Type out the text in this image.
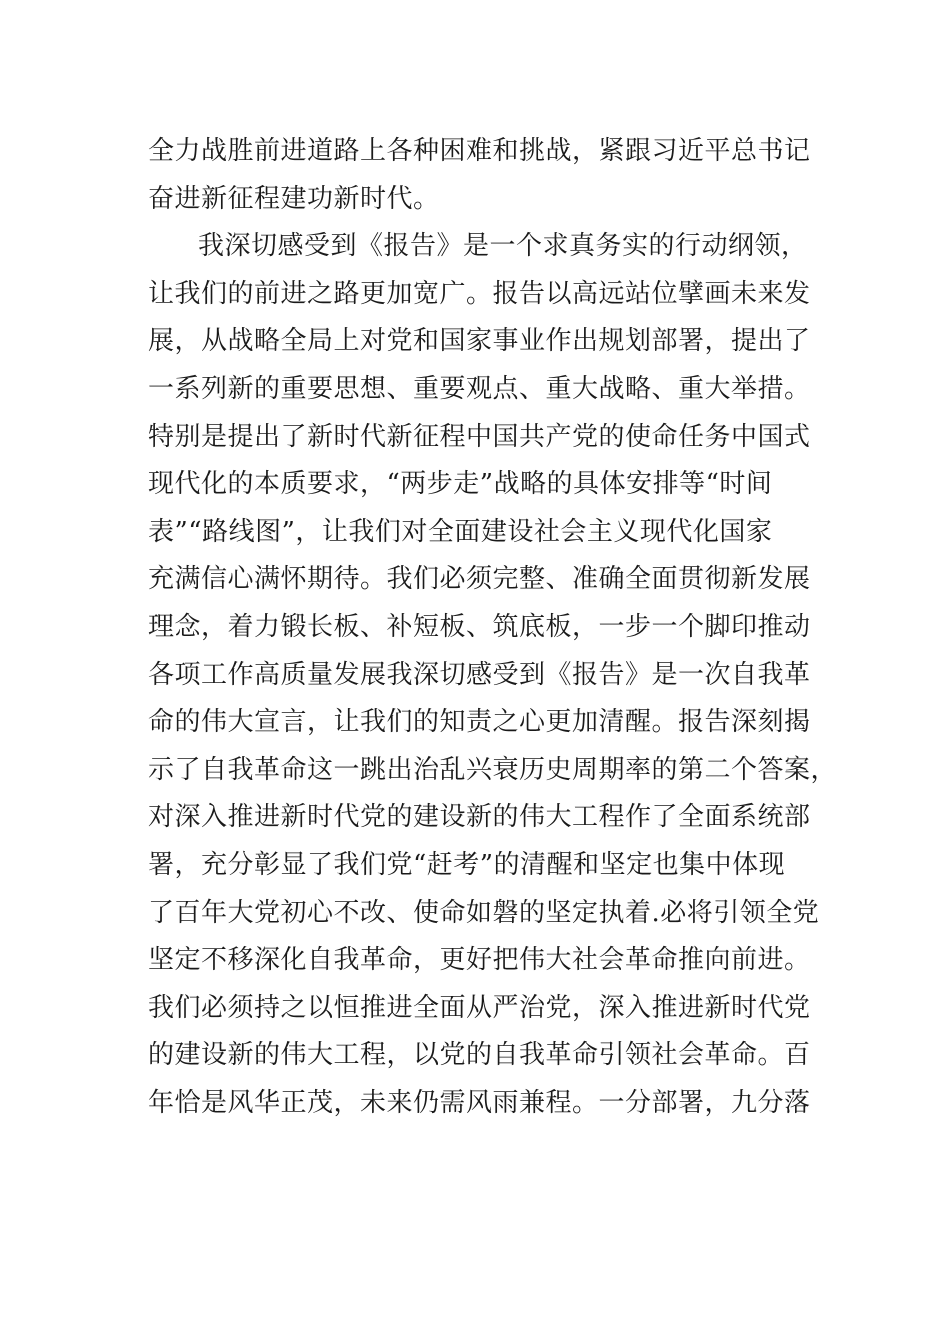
全力战胜前进道路上各种困难和挑战，紧跟习近平总书记
奋进新征程建功新时代。
我深切感受到《报告》是一个求真务实的行动纲领，
让我们的前进之路更加宽广。报告以高远站位擘画未来发
展，从战略全局上对党和国家事业作出规划部署，提出了
一系列新的重要思想、重要观点、重大战略、重大举措。
特别是提出了新时代新征程中国共产党的使命任务中国式
现代化的本质要求，“两步走”战略的具体安排等“时间
表”“路线图”，让我们对全面建设社会主义现代化国家
充满信心满怀期待。我们必须完整、准确全面贯彻新发展
理念，着力锻长板、补短板、筑底板，一步一个脚印推动
各项工作高质量发展我深切感受到《报告》是一次自我革
命的伟大宣言，让我们的知责之心更加清醒。报告深刻揭
示了自我革命这一跳出治乱兴衰历史周期率的第二个答案，
对深入推进新时代党的建设新的伟大工程作了全面系统部
署，充分彰显了我们党“赶考”的清醒和坚定也集中体现
了百年大党初心不改、使命如磐的坚定执着.必将引领全党
坚定不移深化自我革命，更好把伟大社会革命推向前进。
我们必须持之以恒推进全面从严治党，深入推进新时代党
的建设新的伟大工程，以党的自我革命引领社会革命。百
年恰是风华正茂，未来仍需风雨兼程。一分部署，九分落
